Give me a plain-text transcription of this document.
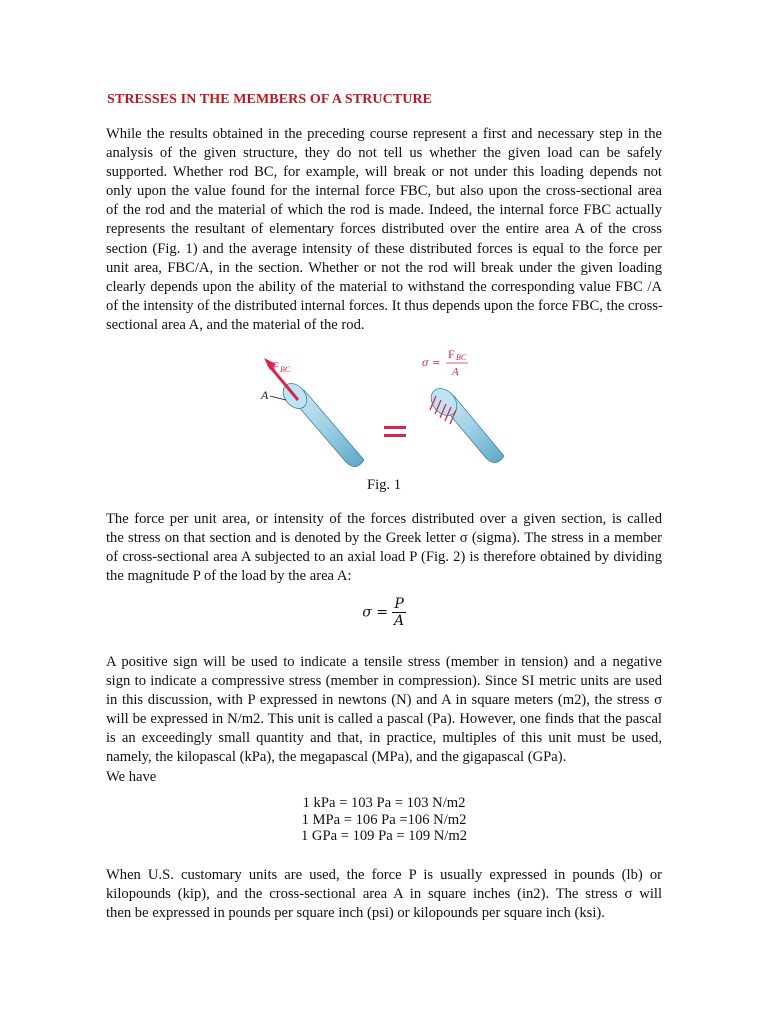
STRESSES IN THE MEMBERS OF A STRUCTURE
While the results obtained in the preceding course represent a first and necessary step in the
analysis of the given structure, they do not tell us whether the given load can be safely
supported. Whether rod BC, for example, will break or not under this loading depends not
only upon the value found for the internal force FBC, but also upon the cross-sectional area
of the rod and the material of which the rod is made. Indeed, the internal force FBC actually
represents the resultant of elementary forces distributed over the entire area A of the cross
section (Fig. 1) and the average intensity of these distributed forces is equal to the force per
unit area, FBC/A, in the section. Whether or not the rod will break under the given loading
clearly depends upon the ability of the material to withstand the corresponding value FBC /A
of the intensity of the distributed internal forces. It thus depends upon the force FBC, the cross-
sectional area A, and the material of the rod.
F BC
A
σ =
F BC
A
Fig. 1
The force per unit area, or intensity of the forces distributed over a given section, is called
the stress on that section and is denoted by the Greek letter σ (sigma). The stress in a member
of cross-sectional area A subjected to an axial load P (Fig. 2) is therefore obtained by dividing
the magnitude P of the load by the area A:
$\sigma = \frac{P}{A}$
A positive sign will be used to indicate a tensile stress (member in tension) and a negative
sign to indicate a compressive stress (member in compression). Since SI metric units are used
in this discussion, with P expressed in newtons (N) and A in square meters (m2), the stress σ
will be expressed in N/m2. This unit is called a pascal (Pa). However, one finds that the pascal
is an exceedingly small quantity and that, in practice, multiples of this unit must be used,
namely, the kilopascal (kPa), the megapascal (MPa), and the gigapascal (GPa).
We have
1 kPa = 103 Pa = 103 N/m2
1 MPa = 106 Pa =106 N/m2
1 GPa = 109 Pa = 109 N/m2
When U.S. customary units are used, the force P is usually expressed in pounds (lb) or
kilopounds (kip), and the cross-sectional area A in square inches (in2). The stress σ will
then be expressed in pounds per square inch (psi) or kilopounds per square inch (ksi).
